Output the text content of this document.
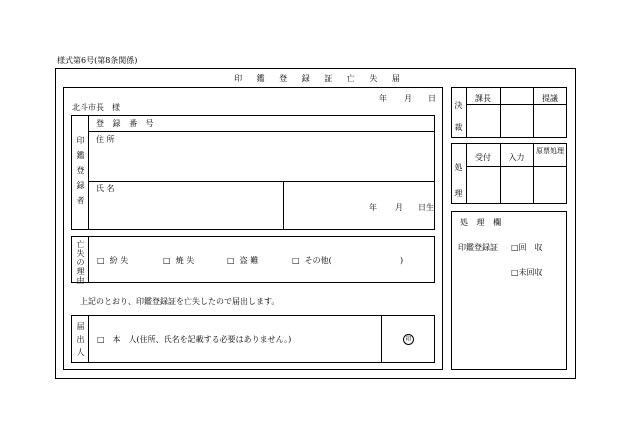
様式第6号(第8条関係)
印 鑑 登 録 証 亡 失 届
年 月 日
北斗市長　様
印鑑登録者
登 録 番 号
住 所
氏 名
年 月 日生
亡失の理由
□ 紛 失	□ 焼 失	□ 盗 難	□ その他(	)
上記のとおり、印鑑登録証を亡失したので届出します。
届出人
□　本　人(住所、氏名を記載する必要はありません。)	印
決裁
課長	提議
処理
受付	入力
原票処理
処 理 欄
印鑑登録証 □回　収
□未回収
